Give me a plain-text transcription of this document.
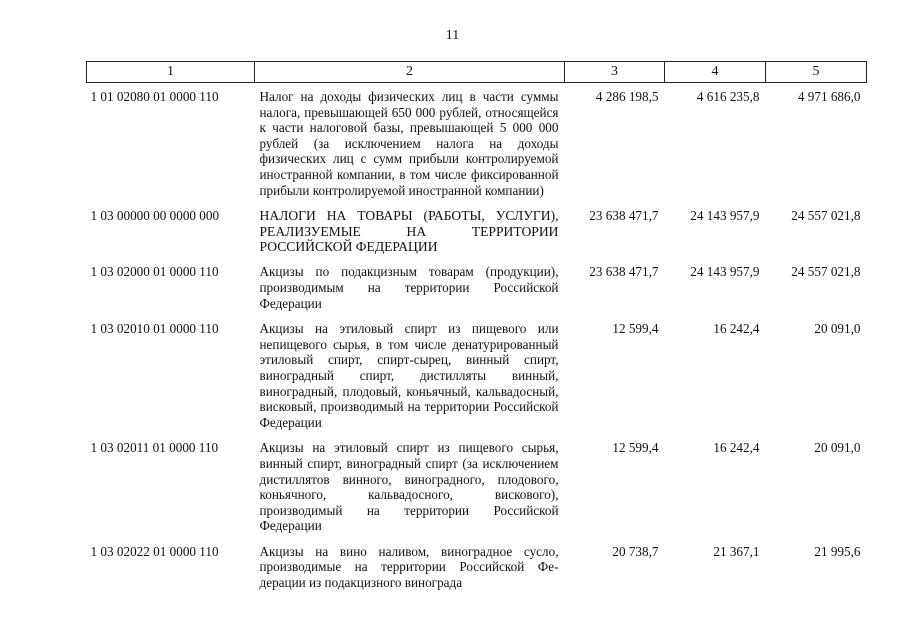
11
1	2	3	4	5
1 01 02080 01 0000 110	Налог на доходы физических лиц в части суммы налога, превышающей 650 000 рублей, относящейся к части налоговой базы, превышающей 5 000 000 рублей (за исключением налога на доходы физических лиц с сумм прибыли контролируемой иностранной компании, в том числе фиксированной прибыли контролируемой иностранной компании)	4 286 198,5	4 616 235,8	4 971 686,0
1 03 00000 00 0000 000	НАЛОГИ НА ТОВАРЫ (РАБОТЫ, УСЛУГИ), РЕАЛИЗУЕМЫЕ НА ТЕРРИТОРИИ РОССИЙСКОЙ ФЕДЕРАЦИИ	23 638 471,7	24 143 957,9	24 557 021,8
1 03 02000 01 0000 110	Акцизы по подакцизным товарам (продукции), производимым на территории Российской Федерации	23 638 471,7	24 143 957,9	24 557 021,8
1 03 02010 01 0000 110	Акцизы на этиловый спирт из пищевого или непищевого сырья, в том числе денатурированный этиловый спирт, спирт-сырец, винный спирт, виноградный спирт, дистилляты винный, виноградный, плодовый, коньячный, кальвадосный, висковый, производимый на территории Российской Федерации	12 599,4	16 242,4	20 091,0
1 03 02011 01 0000 110	Акцизы на этиловый спирт из пищевого сырья, винный спирт, виноградный спирт (за исключением дистиллятов винного, виноградного, плодового, коньячного, кальвадосного, вискового), производимый на территории Российской Федерации	12 599,4	16 242,4	20 091,0
1 03 02022 01 0000 110	Акцизы на вино наливом, виноградное сусло, производимые на территории Российской Федерации из подакцизного винограда	20 738,7	21 367,1	21 995,6
